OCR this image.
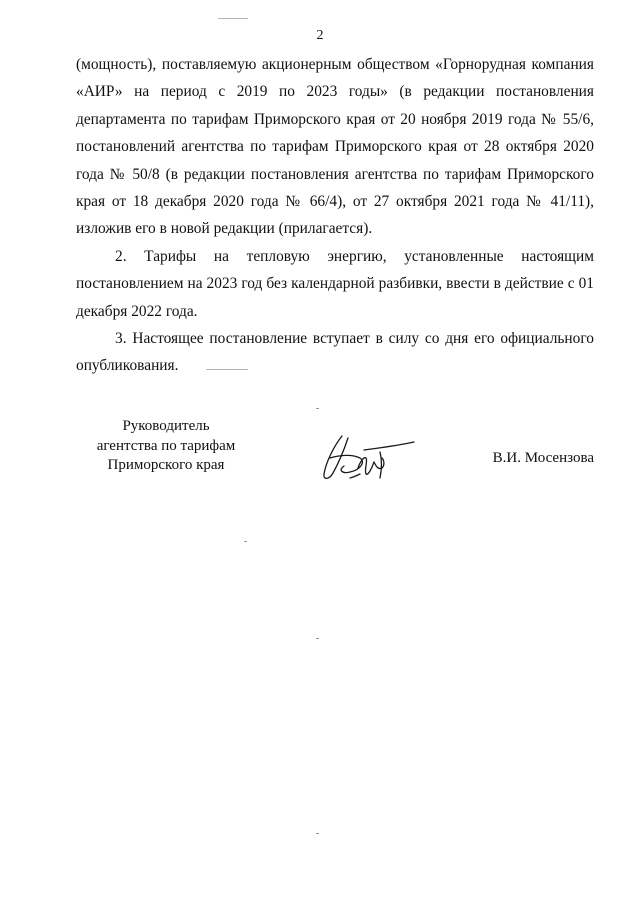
2

(мощность), поставляемую акционерным обществом «Горнорудная компания «АИР» на период с 2019 по 2023 годы» (в редакции постановления департамента по тарифам Приморского края от 20 ноября 2019 года № 55/6, постановлений агентства по тарифам Приморского края от 28 октября 2020 года № 50/8 (в редакции постановления агентства по тарифам Приморского края от 18 декабря 2020 года № 66/4), от 27 октября 2021 года № 41/11), изложив его в новой редакции (прилагается).

2. Тарифы на тепловую энергию, установленные настоящим постановлением на 2023 год без календарной разбивки, ввести в действие с 01 декабря 2022 года.

3. Настоящее постановление вступает в силу со дня его официального опубликования.

Руководитель
агентства по тарифам
Приморского края	В.И. Мосензова
